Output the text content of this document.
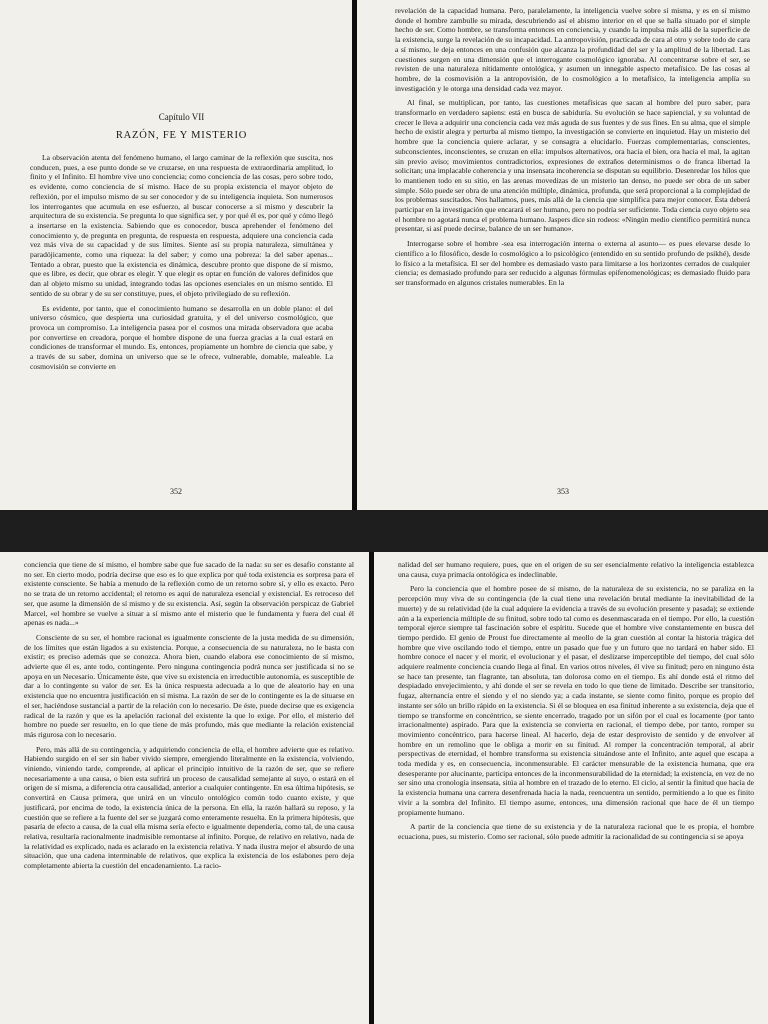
Capítulo VII
RAZÓN, FE Y MISTERIO

La observación atenta del fenómeno humano, el largo caminar de la reflexión que suscita, nos conducen, pues, a ese punto donde se ve cruzarse, en una respuesta de extraordinaria amplitud, lo finito y el Infinito. El hombre vive uno conciencia; como conciencia de las cosas, pero sobre todo, es evidente, como conciencia de sí mismo. Hace de su propia existencia el mayor objeto de reflexión, por el impulso mismo de su ser conocedor y de su inteligencia inquieta. Son numerosos los interrogantes que acumula en ese esfuerzo, al buscar conocerse a sí mismo y descubrir la arquitectura de su existencia. Se pregunta lo que significa ser, y por qué él es, por qué y cómo llegó a insertarse en la existencia. Sabiendo que es conocedor, busca aprehender el fenómeno del conocimiento y, de pregunta en pregunta, de respuesta en respuesta, adquiere una conciencia cada vez más viva de su capacidad y de sus límites. Siente así su propia naturaleza, simultánea y paradójicamente, como una riqueza: la del saber; y como una pobreza: la del saber apenas... Tentado a obrar, puesto que la existencia es dinámica, descubre pronto que dispone de sí mismo, que es libre, es decir, que obrar es elegir. Y que elegir es optar en función de valores definidos que dan al objeto mismo su unidad, integrando todas las opciones esenciales en un mismo sentido. El sentido de su obrar y de su ser constituye, pues, el objeto privilegiado de su reflexión.

Es evidente, por tanto, que el conocimiento humano se desarrolla en un doble plano: el del universo cósmico, que despierta una curiosidad gratuita, y el del universo cosmológico, que provoca un compromiso. La inteligencia pasea por el cosmos una mirada observadora que acaba por convertirse en creadora, porque el hombre dispone de una fuerza gracias a la cual estará en condiciones de transformar el mundo. Es, entonces, propiamente un hombre de ciencia que sabe, y a través de su saber, domina un universo que se le ofrece, vulnerable, domable, maleable. La cosmovisión se convierte en

352

revelación de la capacidad humana. Pero, paralelamente, la inteligencia vuelve sobre sí misma, y es en sí mismo donde el hombre zambulle su mirada, descubriendo así el abismo interior en el que se halla situado por el simple hecho de ser. Como hombre, se transforma entonces en conciencia, y cuando la impulsa más allá de la superficie de la existencia, surge la revelación de su incapacidad. La antropovisión, practicada de cara al otro y sobre todo de cara a sí mismo, le deja entonces en una confusión que alcanza la profundidad del ser y la amplitud de la libertad. Las cuestiones surgen en una dimensión que el interrogante cosmológico ignoraba. Al concentrarse sobre el ser, se revisten de una naturaleza nítidamente ontológica, y asumen un innegable aspecto metafísico. De las cosas al hombre, de la cosmovisión a la antropovisión, de lo cosmológico a lo metafísico, la inteligencia amplía su investigación y le otorga una densidad cada vez mayor.

Al final, se multiplican, por tanto, las cuestiones metafísicas que sacan al hombre del puro saber, para transformarlo en verdadero sapiens: está en busca de sabiduría. Su evolución se hace sapiencial, y su voluntad de crecer le lleva a adquirir una conciencia cada vez más aguda de sus fuentes y de sus fines. En su alma, que el simple hecho de existir alegra y perturba al mismo tiempo, la investigación se convierte en inquietud. Hay un misterio del hombre que la conciencia quiere aclarar, y se consagra a elucidarlo. Fuerzas complementarias, conscientes, subconscientes, inconscientes, se cruzan en ella: impulsos alternativos, ora hacia el bien, ora hacia el mal, la agitan sin previo aviso; movimientos contradictorios, expresiones de extraños determinismos o de franca libertad la solicitan; una implacable coherencia y una insensata incoherencia se disputan su equilibrio. Desenredar los hilos que lo mantienen todo en su sitio, en las arenas movedizas de un misterio tan denso, no puede ser obra de un saber simple. Sólo puede ser obra de una atención múltiple, dinámica, profunda, que será proporcional a la complejidad de los problemas suscitados. Nos hallamos, pues, más allá de la ciencia que simplifica para mejor conocer. Ésta deberá participar en la investigación que encarará el ser humano, pero no podría ser suficiente. Toda ciencia cuyo objeto sea el hombre no agotará nunca el problema humano. Jaspers dice sin rodeos: «Ningún medio científico permitirá nunca presentar, si así puede decirse, balance de un ser humano».

Interrogarse sobre el hombre -sea esa interrogación interna o externa al asunto— es pues elevarse desde lo científico a lo filosófico, desde lo cosmológico a lo psicológico (entendido en su sentido profundo de psikhé), desde lo físico a la metafísica. El ser del hombre es demasiado vasto para limitarse a los horizontes cerrados de cualquier ciencia; es demasiado profundo para ser reducido a algunas fórmulas epifenomenológicas; es demasiado fluido para ser transformado en algunos cristales numerables. En la

353

conciencia que tiene de sí mismo, el hombre sabe que fue sacado de la nada: su ser es desafío constante al no ser. En cierto modo, podría decirse que eso es lo que explica por qué toda existencia es sorpresa para el existente consciente. Se había a menudo de la reflexión como de un retorno sobre sí, y ello es exacto. Pero no se trata de un retorno accidental; el retorno es aquí de naturaleza esencial y existencial. Es retroceso del ser, que asume la dimensión de sí mismo y de su existencia. Así, según la observación perspicaz de Gabriel Marcel, «el hombre se vuelve a situar a sí mismo ante el misterio que le fundamenta y fuera del cual él apenas es nada...»

Consciente de su ser, el hombre racional es igualmente consciente de la justa medida de su dimensión, de los límites que están ligados a su existencia. Porque, a consecuencia de su naturaleza, no le basta con existir; es preciso además que se conozca. Ahora bien, cuando elabora ese conocimiento de sí mismo, advierte que él es, ante todo, contingente. Pero ninguna contingencia podrá nunca ser justificada si no se apoya en un Necesario. Únicamente éste, que vive su existencia en irreductible autonomía, es susceptible de dar a lo contingente su valor de ser. Es la única respuesta adecuada a lo que de aleatorio hay en una existencia que no encuentra justificación en sí misma. La razón de ser de lo contingente es la de situarse en el ser, haciéndose sustancial a partir de la relación con lo necesario. De éste, puede decirse que es exigencia radical de la razón y que es la apelación racional del existente la que lo exige. Por ello, el misterio del hombre no puede ser resuelto, en lo que tiene de más profundo, más que mediante la relación existencial más rigurosa con lo necesario.

Pero, más allá de su contingencia, y adquiriendo conciencia de ella, el hombre advierte que es relativo. Habiendo surgido en el ser sin haber vivido siempre, emergiendo literalmente en la existencia, volviendo, viniendo, viniendo tarde, comprende, al aplicar el principio intuitivo de la razón de ser, que se refiere necesariamente a una causa, o bien esta sufrirá un proceso de causalidad semejante al suyo, o estará en el origen de sí misma, a diferencia otra causalidad, anterior a cualquier contingente. En esa última hipótesis, se convertirá en Causa primera, que unirá en un vínculo ontológico común todo cuanto existe, y que justificará, por encima de todo, la existencia única de la persona. En ella, la razón hallará su reposo, y la cuestión que se refiere a la fuente del ser se juzgará como enteramente resuelta. En la primera hipótesis, que pasaría de efecto a causa, de la cual ella misma sería efecto e igualmente dependería, como tal, de una causa relativa, resultaría racionalmente inadmisible remontarse al infinito. Porque, de relativo en relativo, nada de la relatividad es explicado, nada es aclarado en la existencia relativa. Y nada ilustra mejor el absurdo de una situación, que una cadena interminable de relativos, que explica la existencia de los eslabones pero deja completamente abierta la cuestión del encadenamiento. La racio-

nalidad del ser humano requiere, pues, que en el origen de su ser esencialmente relativo la inteligencia establezca una causa, cuya primacía ontológica es indeclinable.

Pero la conciencia que el hombre posee de sí mismo, de la naturaleza de su existencia, no se paraliza en la percepción muy viva de su contingencia (de la cual tiene una revelación brutal mediante la inevitabilidad de la muerte) y de su relatividad (de la cual adquiere la evidencia a través de su evolución presente y pasada); se extiende aún a la experiencia múltiple de su finitud, sobre todo tal como es desenmascarada en el tiempo. Por ello, la cuestión temporal ejerce siempre tal fascinación sobre el espíritu. Sucede que el hombre vive constantemente en busca del tiempo perdido. El genio de Proust fue directamente al meollo de la gran cuestión al contar la historia trágica del hombre que vive oscilando todo el tiempo, entre un pasado que fue y un futuro que no tardará en haber sido. El hombre conoce el nacer y el morir, el evolucionar y el pasar, el deslizarse imperceptible del tiempo, del cual sólo adquiere realmente conciencia cuando llega al final. En varios otros niveles, él vive su finitud; pero en ninguno ésta se hace tan presente, tan flagrante, tan absoluta, tan dolorosa como en el tiempo. Es ahí donde está el ritmo del despiadado envejecimiento, y ahí donde el ser se revela en todo lo que tiene de limitado. Describe ser transitorio, fugaz, alternancia entre el siendo y el no siendo ya; a cada instante, se siente como finito, porque es propio del instante ser sólo un brillo rápido en la existencia. Si él se bloquea en esa finitud inherente a su existencia, deja que el tiempo se transforme en concéntrico, se siente encerrado, tragado por un sifón por el cual es locamente (por tanto irracionalmente) aspirado. Para que la existencia se convierta en racional, el tiempo debe, por tanto, romper su movimiento concéntrico, para hacerse lineal. Al hacerlo, deja de estar desprovisto de sentido y de envolver al hombre en un remolino que le obliga a morir en su finitud. Al romper la concentración temporal, al abrir perspectivas de eternidad, el hombre transforma su existencia situándose ante el Infinito, ante aquel que escapa a toda medida y es, en consecuencia, inconmensurable. El carácter mensurable de la existencia humana, que era desesperante por alucinante, participa entonces de la inconmensurabilidad de la eternidad; la existencia, en vez de no ser sino una cronología insensata, sitúa al hombre en el trazado de lo eterno. El ciclo, al sentir la finitud que hacía de la existencia humana una carrera desenfrenada hacia la nada, reencuentra un sentido, permitiendo a lo que es finito vivir a la sombra del Infinito. El tiempo asume, entonces, una dimensión racional que hace de él un tiempo propiamente humano.

A partir de la conciencia que tiene de su existencia y de la naturaleza racional que le es propia, el hombre ecuaciona, pues, su misterio. Como ser racional, sólo puede admitir la racionalidad de su contingencia si se apoya
